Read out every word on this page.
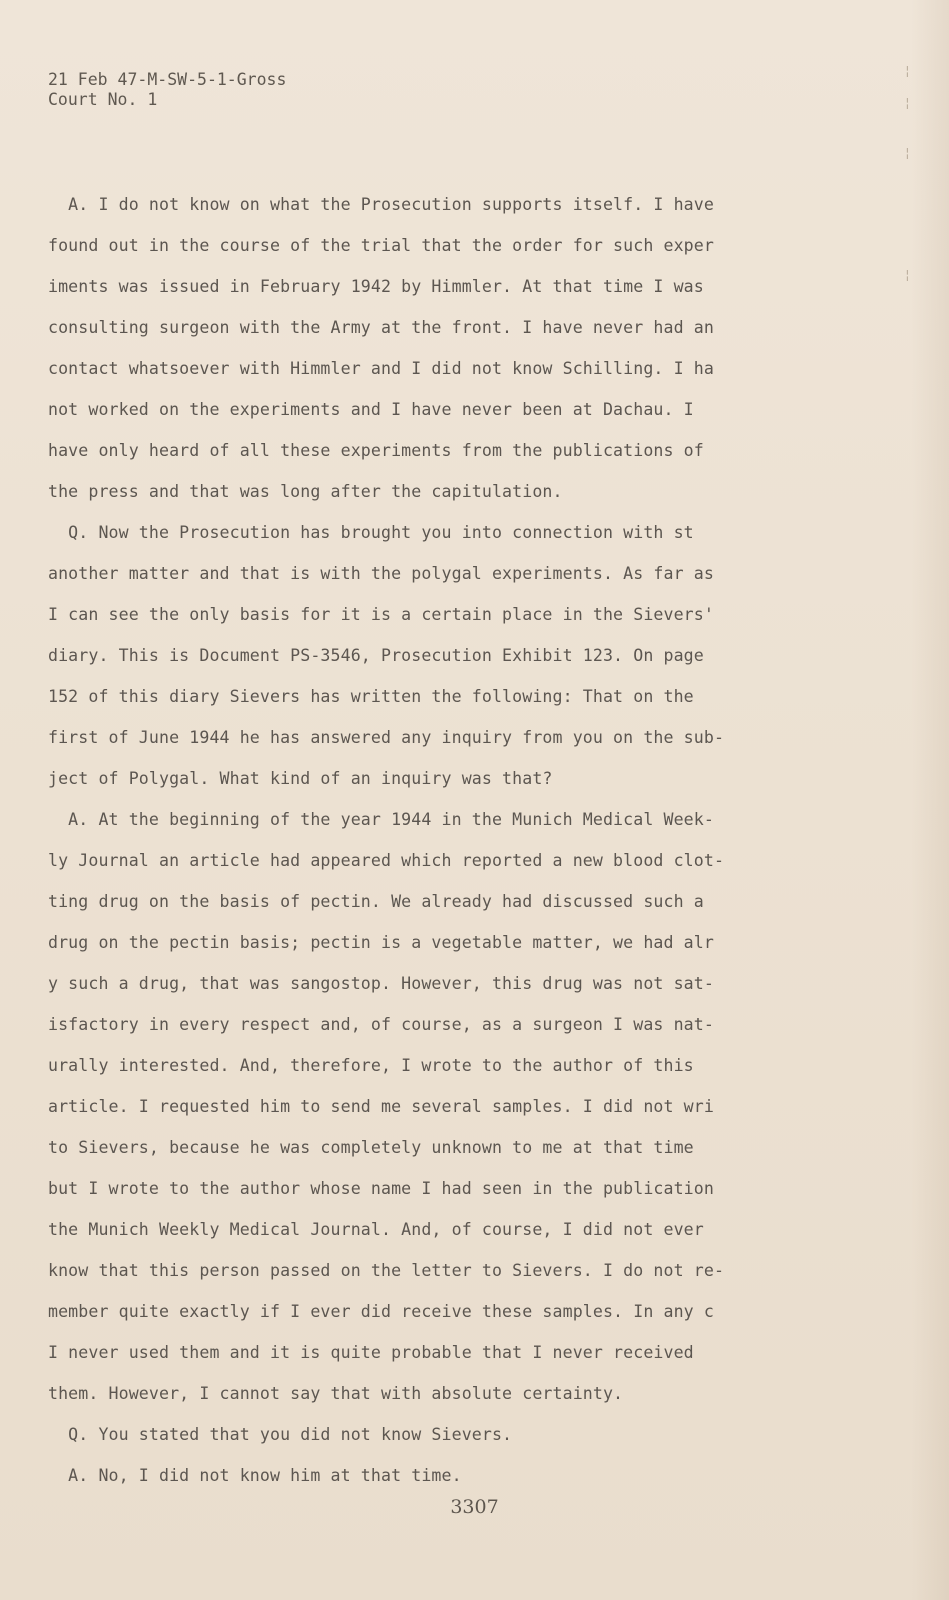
¦
¦
¦
¦
21 Feb 47-M-SW-5-1-Gross
Court No. 1
A. I do not know on what the Prosecution supports itself. I have
found out in the course of the trial that the order for such exper
iments was issued in February 1942 by Himmler. At that time I was
consulting surgeon with the Army at the front. I have never had an
contact whatsoever with Himmler and I did not know Schilling. I ha
not worked on the experiments and I have never been at Dachau. I
have only heard of all these experiments from the publications of
the press and that was long after the capitulation.
Q. Now the Prosecution has brought you into connection with st
another matter and that is with the polygal experiments. As far as
I can see the only basis for it is a certain place in the Sievers'
diary. This is Document PS-3546, Prosecution Exhibit 123. On page
152 of this diary Sievers has written the following: That on the
first of June 1944 he has answered any inquiry from you on the sub-
ject of Polygal. What kind of an inquiry was that?
A. At the beginning of the year 1944 in the Munich Medical Week-
ly Journal an article had appeared which reported a new blood clot-
ting drug on the basis of pectin. We already had discussed such a
drug on the pectin basis; pectin is a vegetable matter, we had alr
y such a drug, that was sangostop. However, this drug was not sat-
isfactory in every respect and, of course, as a surgeon I was nat-
urally interested. And, therefore, I wrote to the author of this
article. I requested him to send me several samples. I did not wri
to Sievers, because he was completely unknown to me at that time
but I wrote to the author whose name I had seen in the publication
the Munich Weekly Medical Journal. And, of course, I did not ever
know that this person passed on the letter to Sievers. I do not re-
member quite exactly if I ever did receive these samples. In any c
I never used them and it is quite probable that I never received
them. However, I cannot say that with absolute certainty.
Q. You stated that you did not know Sievers.
A. No, I did not know him at that time.
3307
